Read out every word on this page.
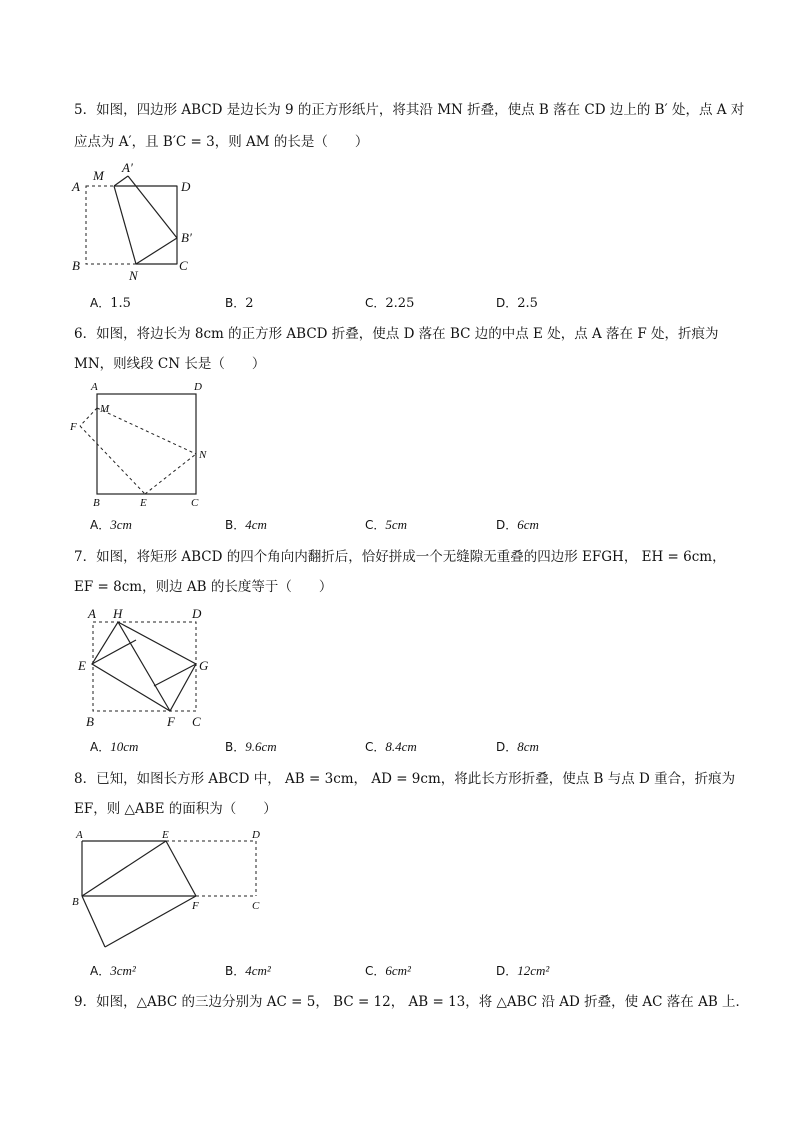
5．如图，四边形 ABCD 是边长为 9 的正方形纸片，将其沿 MN 折叠，使点 B 落在 CD 边上的 B′ 处，点 A 对
应点为 A′，且 B′C = 3，则 AM 的长是（　　）
A
M
A′
D
B′
B
N
C
A．1.5	B．2	C．2.25	D．2.5
6．如图，将边长为 8cm 的正方形 ABCD 折叠，使点 D 落在 BC 边的中点 E 处，点 A 落在 F 处，折痕为
MN，则线段 CN 长是（　　）
A	D
M
F
N
B	E	C
A．3cm	B．4cm	C．5cm	D．6cm
7．如图，将矩形 ABCD 的四个角向内翻折后，恰好拼成一个无缝隙无重叠的四边形 EFGH， EH = 6cm，
EF = 8cm，则边 AB 的长度等于（　　）
A H	D
E	G
B	F C
A．10cm	B．9.6cm	C．8.4cm	D．8cm
8．已知，如图长方形 ABCD 中， AB = 3cm， AD = 9cm，将此长方形折叠，使点 B 与点 D 重合，折痕为
EF，则 △ABE 的面积为（　　）
A	E	D
B	F	C
A．3cm²	B．4cm²	C．6cm²	D．12cm²
9．如图，△ABC 的三边分别为 AC = 5， BC = 12， AB = 13，将 △ABC 沿 AD 折叠，使 AC 落在 AB 上．
